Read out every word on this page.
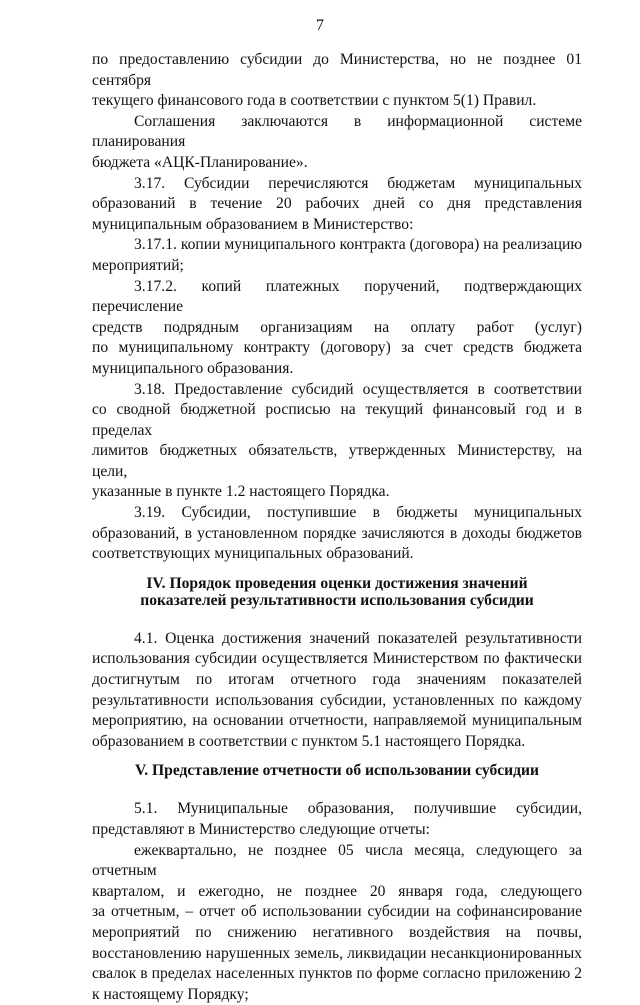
7

по предоставлению субсидии до Министерства, но не позднее 01 сентября

текущего финансового года в соответствии с пунктом 5(1) Правил.

Соглашения заключаются в информационной системе планирования

бюджета «АЦК-Планирование».

3.17. Субсидии перечисляются бюджетам муниципальных

образований в течение 20 рабочих дней со дня представления

муниципальным образованием в Министерство:

3.17.1. копии муниципального контракта (договора) на реализацию

мероприятий;

3.17.2. копий платежных поручений, подтверждающих перечисление

средств подрядным организациям на оплату работ (услуг)

по муниципальному контракту (договору) за счет средств бюджета

муниципального образования.

3.18. Предоставление субсидий осуществляется в соответствии

со сводной бюджетной росписью на текущий финансовый год и в пределах

лимитов бюджетных обязательств, утвержденных Министерству, на цели,

указанные в пункте 1.2 настоящего Порядка.

3.19. Субсидии, поступившие в бюджеты муниципальных

образований, в установленном порядке зачисляются в доходы бюджетов

соответствующих муниципальных образований.

IV. Порядок проведения оценки достижения значений

показателей результативности использования субсидии

4.1. Оценка достижения значений показателей результативности

использования субсидии осуществляется Министерством по фактически

достигнутым по итогам отчетного года значениям показателей

результативности использования субсидии, установленных по каждому

мероприятию, на основании отчетности, направляемой муниципальным

образованием в соответствии с пунктом 5.1 настоящего Порядка.

V. Представление отчетности об использовании субсидии

5.1. Муниципальные образования, получившие субсидии,

представляют в Министерство следующие отчеты:

ежеквартально, не позднее 05 числа месяца, следующего за отчетным

кварталом, и ежегодно, не позднее 20 января года, следующего

за отчетным, – отчет об использовании субсидии на софинансирование

мероприятий по снижению негативного воздействия на почвы,

восстановлению нарушенных земель, ликвидации несанкционированных

свалок в пределах населенных пунктов по форме согласно приложению 2

к настоящему Порядку;
